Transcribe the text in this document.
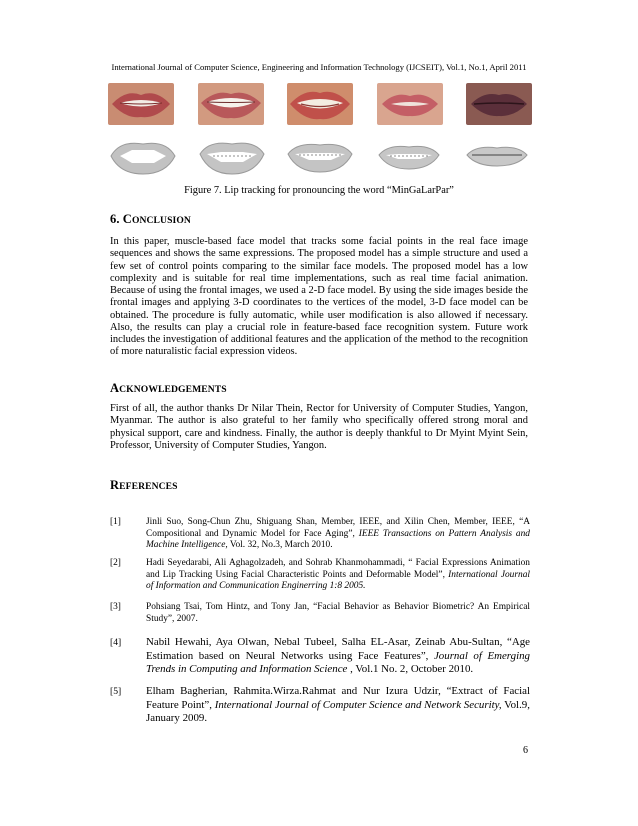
International Journal of Computer Science, Engineering and Information Technology (IJCSEIT), Vol.1, No.1, April 2011
Figure 7. Lip tracking for pronouncing the word “MinGaLarPar”
6. CONCLUSION

In this paper, muscle-based face model that tracks some facial points in the real face image sequences and shows the same expressions. The proposed model has a simple structure and used a few set of control points comparing to the similar face models. The proposed model has a low complexity and is suitable for real time implementations, such as real time facial animation. Because of using the frontal images, we used a 2-D face model. By using the side images beside the frontal images and applying 3-D coordinates to the vertices of the model, 3-D face model can be obtained. The procedure is fully automatic, while user modification is also allowed if necessary. Also, the results can play a crucial role in feature-based face recognition system. Future work includes the investigation of additional features and the application of the method to the recognition of more naturalistic facial expression videos.

ACKNOWLEDGEMENTS

First of all, the author thanks Dr Nilar Thein, Rector for University of Computer Studies, Yangon, Myanmar. The author is also grateful to her family who specifically offered strong moral and physical support, care and kindness. Finally, the author is deeply thankful to Dr Myint Myint Sein, Professor, University of Computer Studies, Yangon.

REFERENCES
[1]	Jinli Suo, Song-Chun Zhu, Shiguang Shan, Member, IEEE, and Xilin Chen, Member, IEEE, “A Compositional and Dynamic Model for Face Aging”, IEEE Transactions on Pattern Analysis and Machine Intelligence, Vol. 32, No.3, March 2010.
[2]	Hadi Seyedarabi, Ali Aghagolzadeh, and Sohrab Khanmohammadi, “ Facial Expressions Animation and Lip Tracking Using Facial Characteristic Points and Deformable Model”, International Journal of Information and Communication Enginerring 1:8 2005.
[3]	Pohsiang Tsai, Tom Hintz, and Tony Jan, “Facial Behavior as Behavior Biometric? An Empirical Study”, 2007.
[4]	Nabil Hewahi, Aya Olwan, Nebal Tubeel, Salha EL-Asar, Zeinab Abu-Sultan, “Age Estimation based on Neural Networks using Face Features”, Journal of Emerging Trends in Computing and Information Science , Vol.1 No. 2, October 2010.
[5]	Elham Bagherian, Rahmita.Wirza.Rahmat and Nur Izura Udzir, “Extract of Facial Feature Point”, International Journal of Computer Science and Network Security, Vol.9, January 2009.
6
